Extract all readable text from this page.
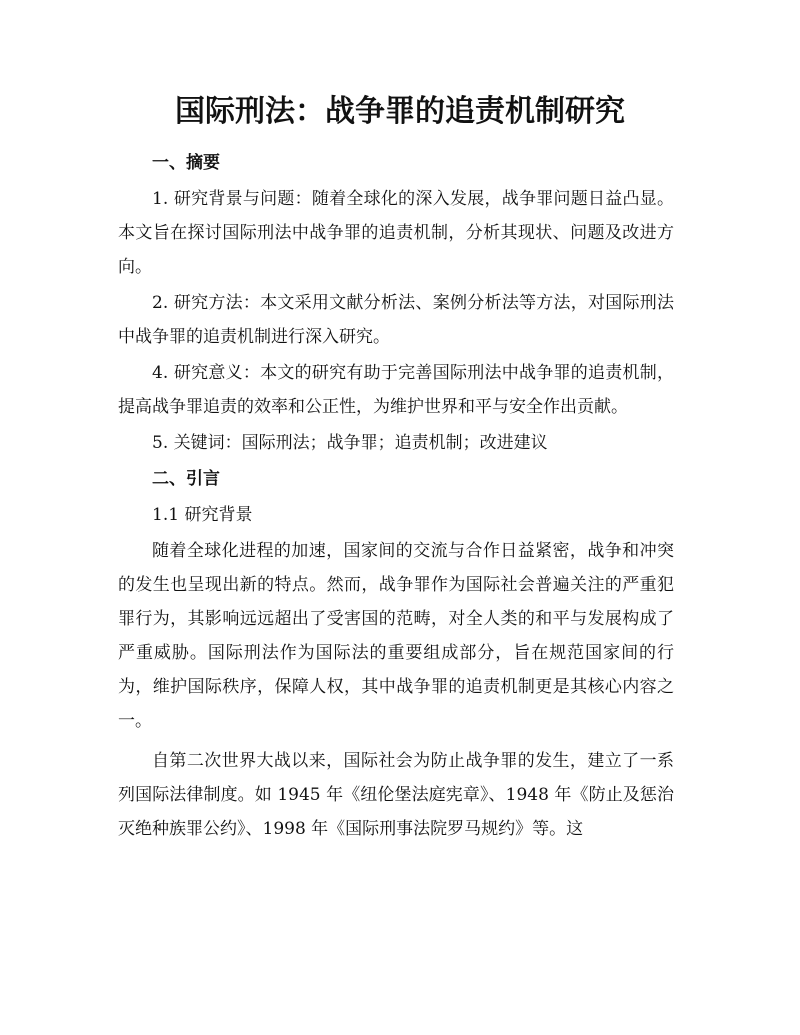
国际刑法：战争罪的追责机制研究
一、摘要

1. 研究背景与问题：随着全球化的深入发展，战争罪问题日益凸显。本文旨在探讨国际刑法中战争罪的追责机制，分析其现状、问题及改进方向。

2. 研究方法：本文采用文献分析法、案例分析法等方法，对国际刑法中战争罪的追责机制进行深入研究。

4. 研究意义：本文的研究有助于完善国际刑法中战争罪的追责机制，提高战争罪追责的效率和公正性，为维护世界和平与安全作出贡献。

5. 关键词：国际刑法；战争罪；追责机制；改进建议

二、引言
1.1 研究背景

随着全球化进程的加速，国家间的交流与合作日益紧密，战争和冲突的发生也呈现出新的特点。然而，战争罪作为国际社会普遍关注的严重犯罪行为，其影响远远超出了受害国的范畴，对全人类的和平与发展构成了严重威胁。国际刑法作为国际法的重要组成部分，旨在规范国家间的行为，维护国际秩序，保障人权，其中战争罪的追责机制更是其核心内容之一。

自第二次世界大战以来，国际社会为防止战争罪的发生，建立了一系列国际法律制度。如 1945 年《纽伦堡法庭宪章》、1948 年《防止及惩治灭绝种族罪公约》、1998 年《国际刑事法院罗马规约》等。这
